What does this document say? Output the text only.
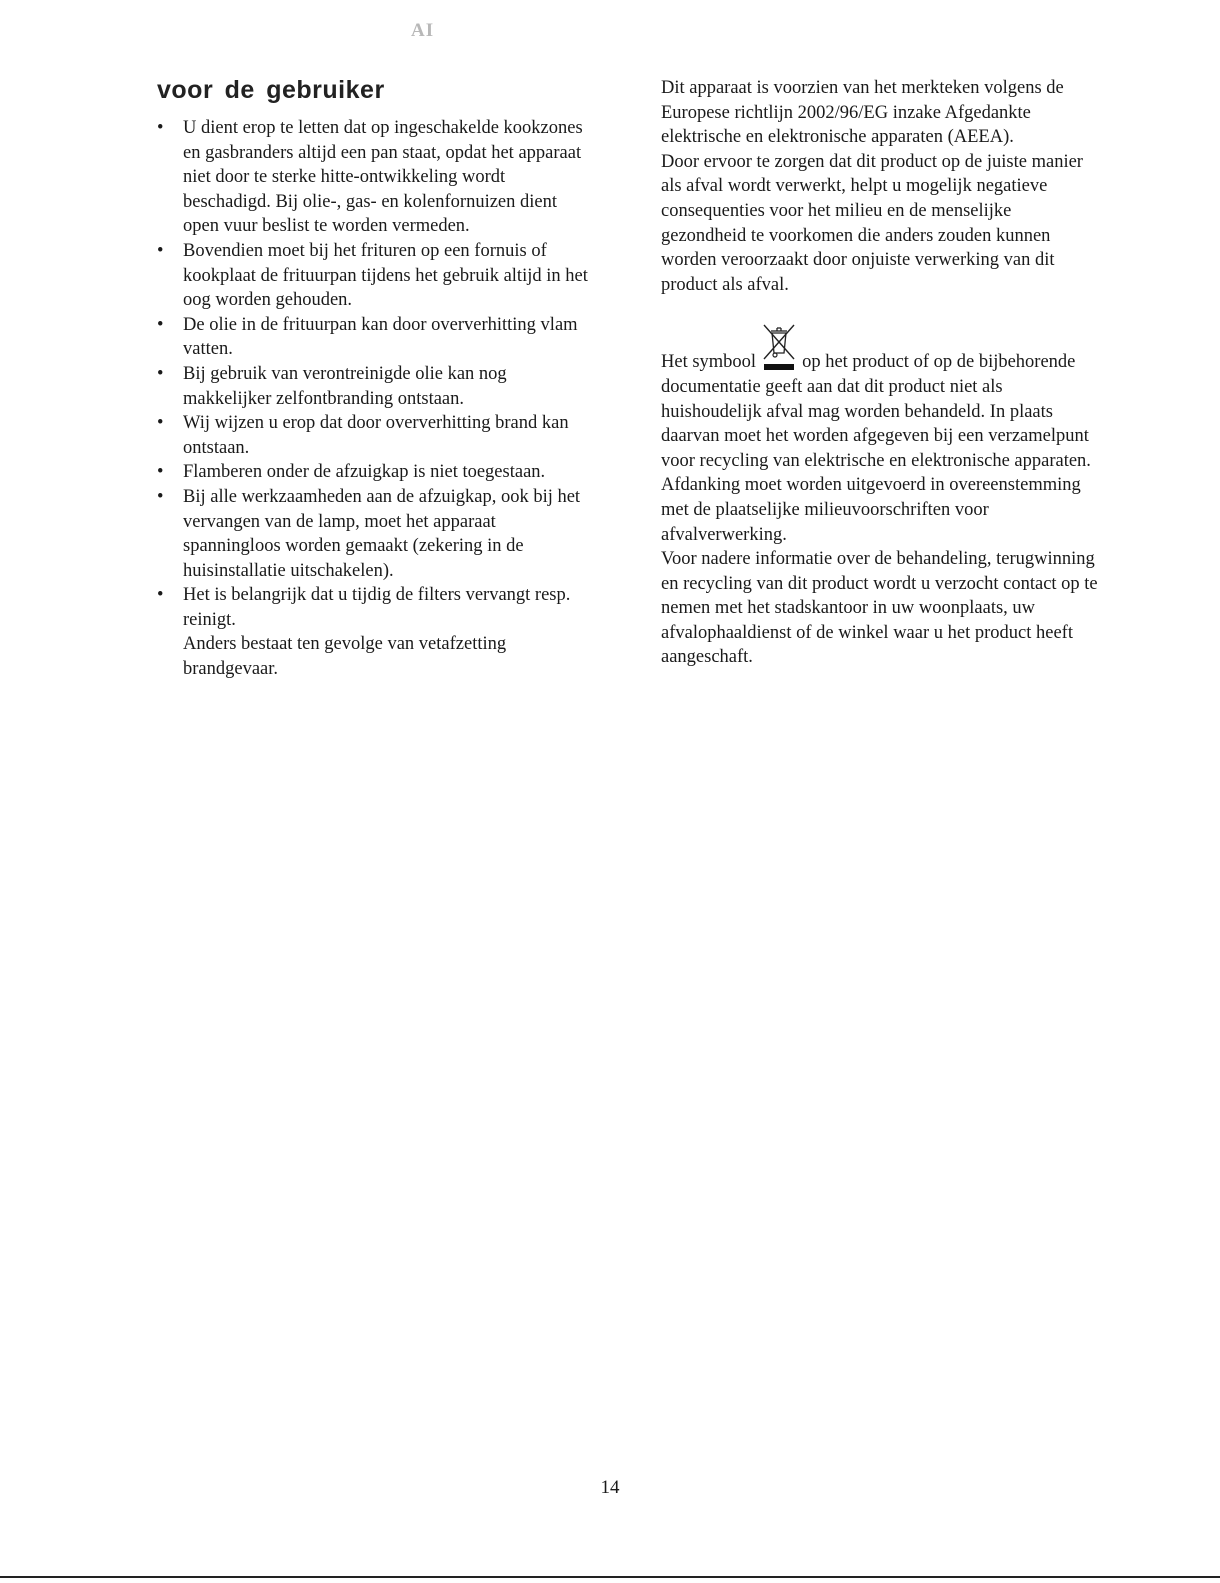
AI
voor de gebruiker
• U dient erop te letten dat op ingeschakelde kookzones en gasbranders altijd een pan staat, opdat het apparaat niet door te sterke hitte-ontwikkeling wordt beschadigd. Bij olie-, gas- en kolenfornuizen dient open vuur beslist te worden vermeden.
• Bovendien moet bij het frituren op een fornuis of kookplaat de frituurpan tijdens het gebruik altijd in het oog worden gehouden.
• De olie in de frituurpan kan door oververhitting vlam vatten.
• Bij gebruik van verontreinigde olie kan nog makkelijker zelfontbranding ontstaan.
• Wij wijzen u erop dat door oververhitting brand kan ontstaan.
• Flamberen onder de afzuigkap is niet toegestaan.
• Bij alle werkzaamheden aan de afzuigkap, ook bij het vervangen van de lamp, moet het apparaat spanningloos worden gemaakt (zekering in de huisinstallatie uitschakelen).
• Het is belangrijk dat u tijdig de filters vervangt resp. reinigt.
Anders bestaat ten gevolge van vetafzetting brandgevaar.

Dit apparaat is voorzien van het merkteken volgens de Europese richtlijn 2002/96/EG inzake Afgedankte elektrische en elektronische apparaten (AEEA).

Door ervoor te zorgen dat dit product op de juiste manier als afval wordt verwerkt, helpt u mogelijk negatieve consequenties voor het milieu en de menselijke gezondheid te voorkomen die anders zouden kunnen worden veroorzaakt door onjuiste verwerking van dit product als afval.

Het symbool op het product of op de bijbehorende documentatie geeft aan dat dit product niet als huishoudelijk afval mag worden behandeld. In plaats daarvan moet het worden afgegeven bij een verzamelpunt voor recycling van elektrische en elektronische apparaten.

Afdanking moet worden uitgevoerd in overeenstemming met de plaatselijke milieuvoorschriften voor afvalverwerking.

Voor nadere informatie over de behandeling, terugwinning en recycling van dit product wordt u verzocht contact op te nemen met het stadskantoor in uw woonplaats, uw afvalophaaldienst of de winkel waar u het product heeft aangeschaft.

14
